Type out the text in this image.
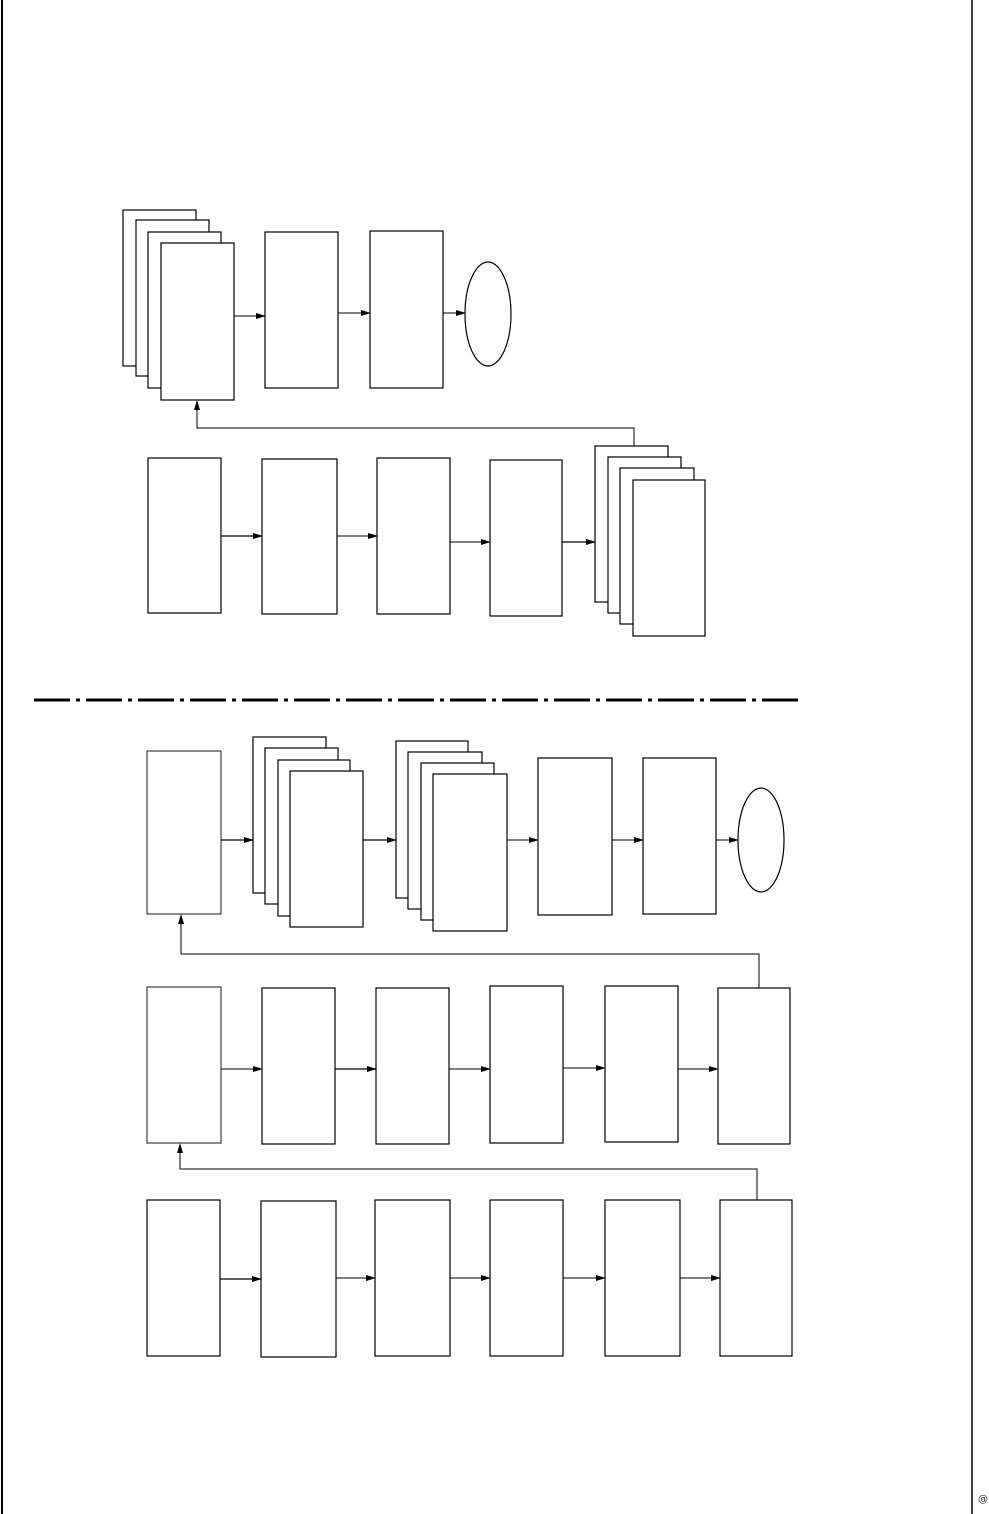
@
